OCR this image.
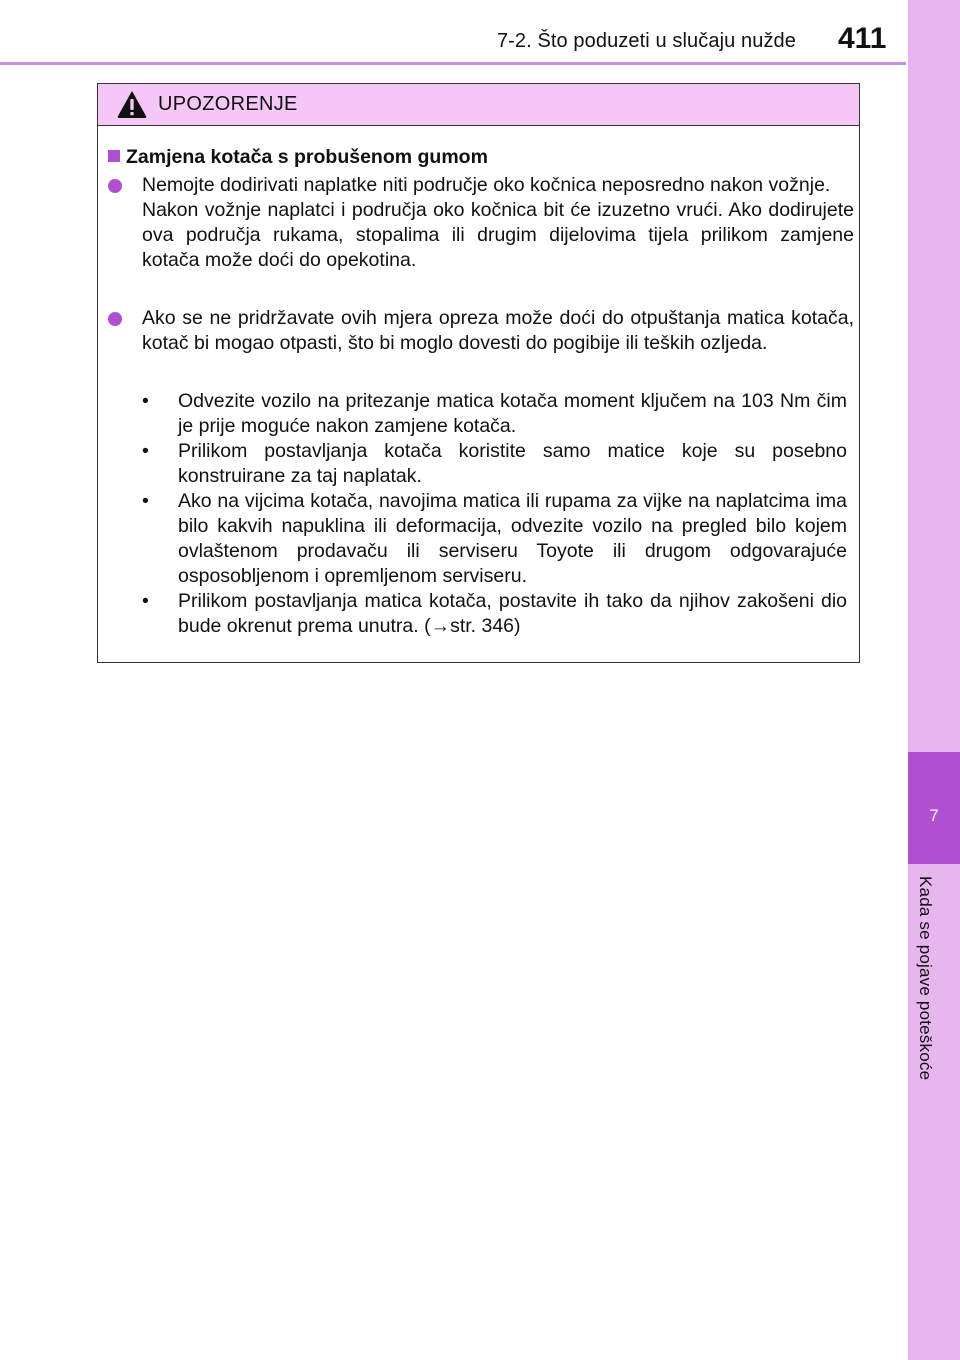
7-2. Što poduzeti u slučaju nužde 411
7
Kada se pojave poteškoće
UPOZORENJE
Zamjena kotača s probušenom gumom

Nemojte dodirivati naplatke niti područje oko kočnica neposredno nakon vožnje.

Nakon vožnje naplatci i područja oko kočnica bit će izuzetno vrući. Ako dodirujete ova područja rukama, stopalima ili drugim dijelovima tijela prilikom zamjene kotača može doći do opekotina.

Ako se ne pridržavate ovih mjera opreza može doći do otpuštanja matica kotača, kotač bi mogao otpasti, što bi moglo dovesti do pogibije ili teških ozljeda.

• Odvezite vozilo na pritezanje matica kotača moment ključem na 103 Nm čim je prije moguće nakon zamjene kotača.

• Prilikom postavljanja kotača koristite samo matice koje su posebno konstruirane za taj naplatak.

• Ako na vijcima kotača, navojima matica ili rupama za vijke na naplatcima ima bilo kakvih napuklina ili deformacija, odvezite vozilo na pregled bilo kojem ovlaštenom prodavaču ili serviseru Toyote ili drugom odgovarajuće osposobljenom i opremljenom serviseru.

• Prilikom postavljanja matica kotača, postavite ih tako da njihov zakošeni dio bude okrenut prema unutra. (→str. 346)
